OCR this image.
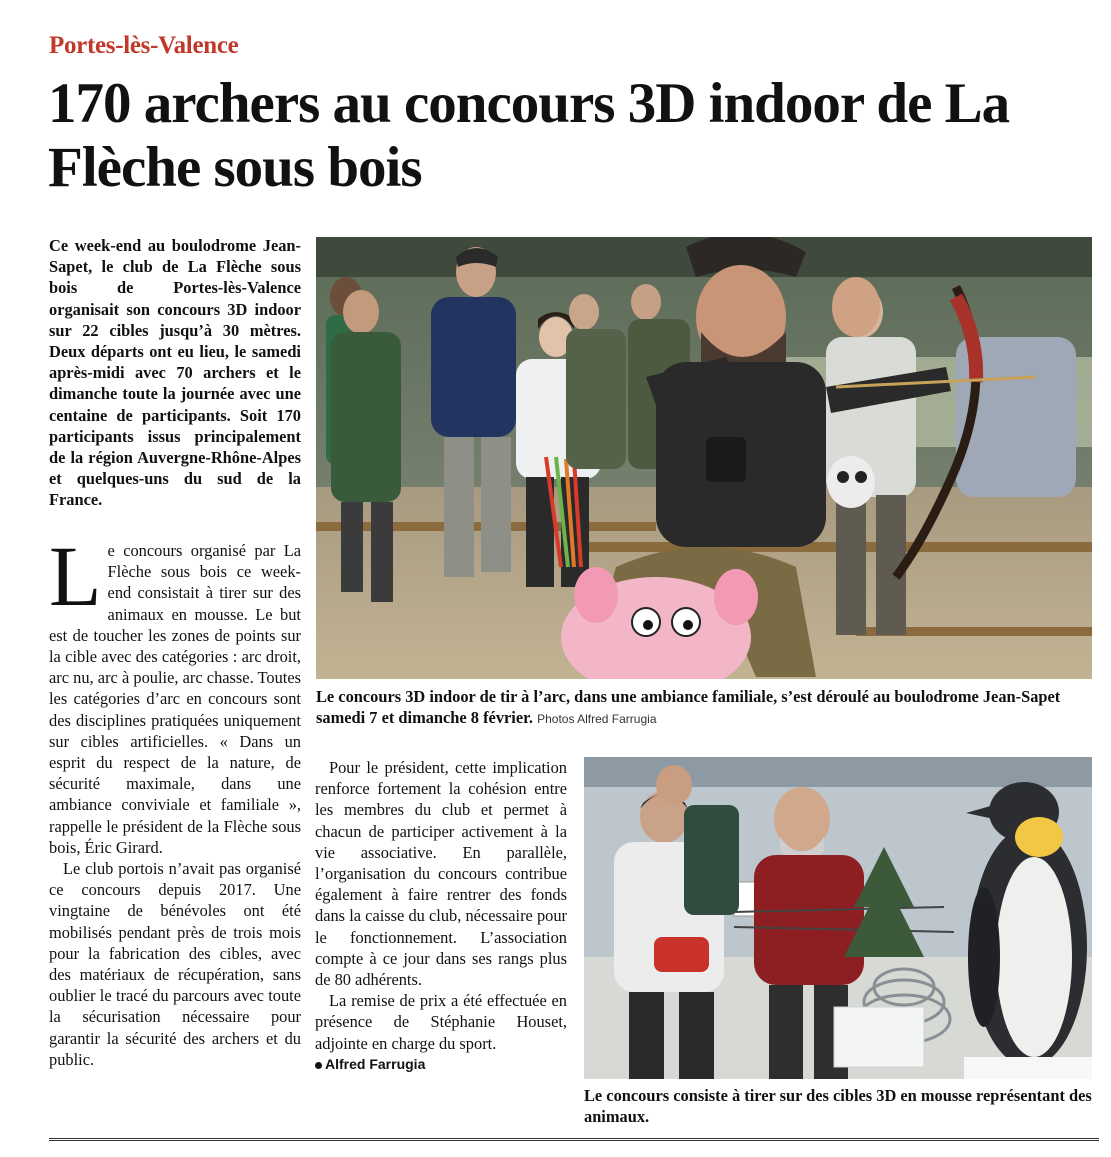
Portes-lès-Valence
170 archers au concours 3D indoor de La Flèche sous bois

Ce week-end au boulodrome Jean-Sapet, le club de La Flèche sous bois de Portes-lès-Valence organisait son concours 3D indoor sur 22 cibles jusqu’à 30 mètres. Deux départs ont eu lieu, le samedi après-midi avec 70 archers et le dimanche toute la journée avec une centaine de participants. Soit 170 participants issus principalement de la région Auvergne-Rhône-Alpes et quelques-uns du sud de la France.

Le concours organisé par La Flèche sous bois ce week-end consistait à tirer sur des animaux en mousse. Le but est de toucher les zones de points sur la cible avec des catégories : arc droit, arc nu, arc à poulie, arc chasse. Toutes les catégories d’arc en concours sont des disciplines pratiquées uniquement sur cibles artificielles. « Dans un esprit du respect de la nature, de sécurité maximale, dans une ambiance conviviale et familiale », rappelle le président de la Flèche sous bois, Éric Girard.

Le club portois n’avait pas organisé ce concours depuis 2017. Une vingtaine de bénévoles ont été mobilisés pendant près de trois mois pour la fabrication des cibles, avec des matériaux de récupération, sans oublier le tracé du parcours avec toute la sécurisation nécessaire pour garantir la sécurité des archers et du public.

Le concours 3D indoor de tir à l’arc, dans une ambiance familiale, s’est déroulé au boulodrome Jean-Sapet samedi 7 et dimanche 8 février. Photos Alfred Farrugia

Pour le président, cette implication renforce fortement la cohésion entre les membres du club et permet à chacun de participer activement à la vie associative. En parallèle, l’organisation du concours contribue également à faire rentrer des fonds dans la caisse du club, nécessaire pour le fonctionnement. L’association compte à ce jour dans ses rangs plus de 80 adhérents.

La remise de prix a été effectuée en présence de Stéphanie Houset, adjointe en charge du sport.

Alfred Farrugia

Le concours consiste à tirer sur des cibles 3D en mousse représentant des animaux.
